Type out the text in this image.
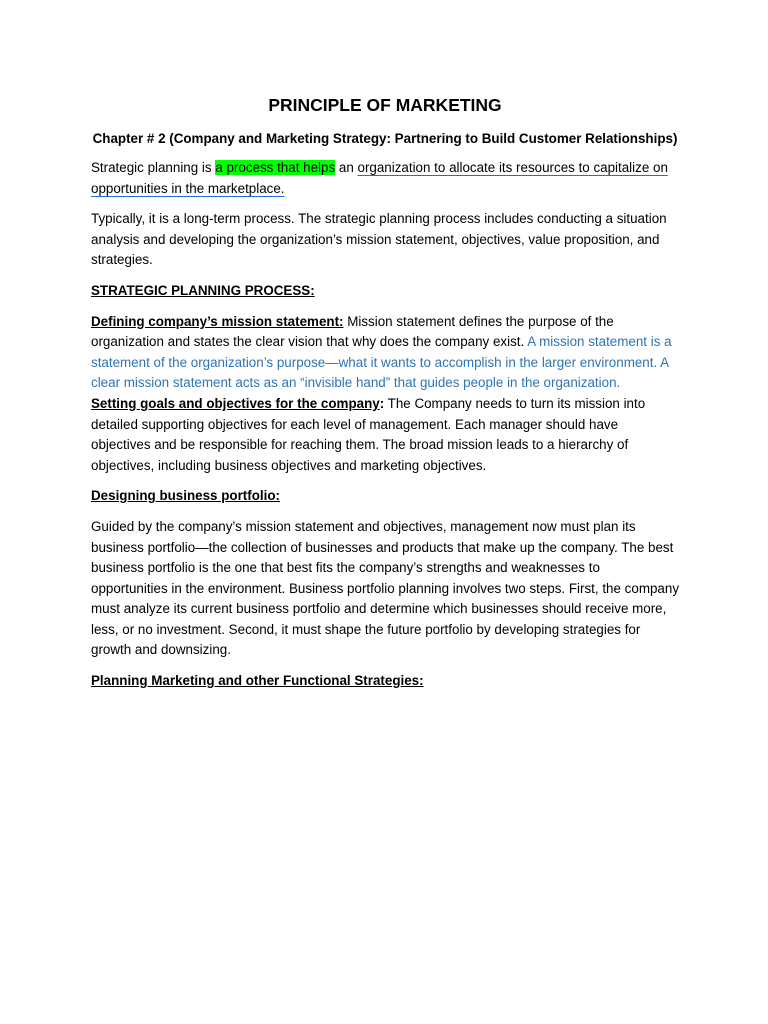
PRINCIPLE OF MARKETING

Chapter # 2 (Company and Marketing Strategy: Partnering to Build Customer Relationships)

Strategic planning is a process that helps an organization to allocate its resources to capitalize on opportunities in the marketplace.

Typically, it is a long-term process. The strategic planning process includes conducting a situation analysis and developing the organization’s mission statement, objectives, value proposition, and strategies.

STRATEGIC PLANNING PROCESS:

Defining company’s mission statement: Mission statement defines the purpose of the organization and states the clear vision that why does the company exist. A mission statement is a statement of the organization’s purpose—what it wants to accomplish in the larger environment. A clear mission statement acts as an “invisible hand” that guides people in the organization.

Setting goals and objectives for the company: The Company needs to turn its mission into detailed supporting objectives for each level of management. Each manager should have objectives and be responsible for reaching them. The broad mission leads to a hierarchy of objectives, including business objectives and marketing objectives.

Designing business portfolio:

Guided by the company’s mission statement and objectives, management now must plan its business portfolio—the collection of businesses and products that make up the company. The best business portfolio is the one that best fits the company’s strengths and weaknesses to opportunities in the environment. Business portfolio planning involves two steps. First, the company must analyze its current business portfolio and determine which businesses should receive more, less, or no investment. Second, it must shape the future portfolio by developing strategies for growth and downsizing.

Planning Marketing and other Functional Strategies:
